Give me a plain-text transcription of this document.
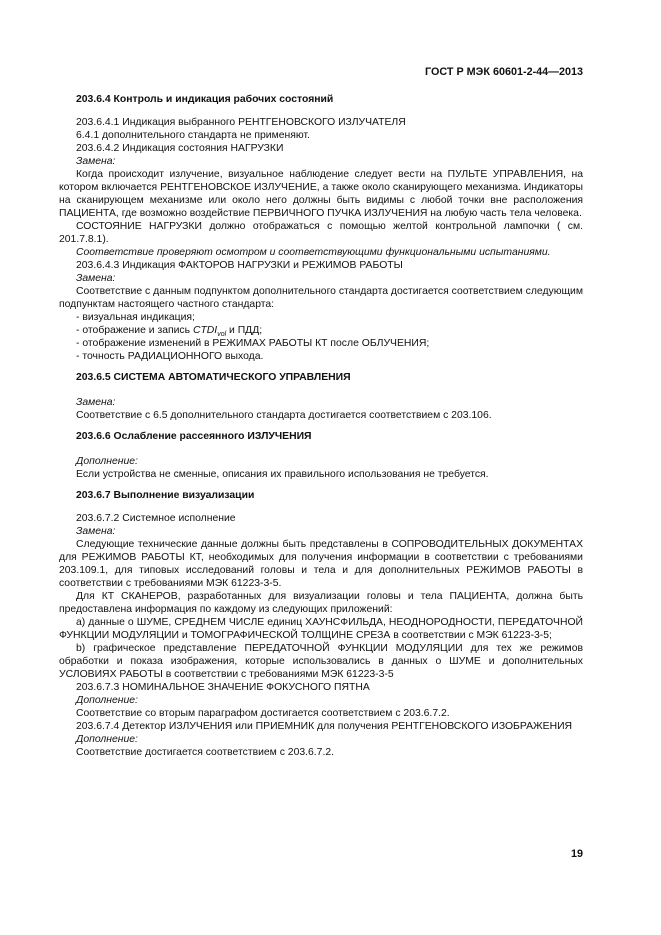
ГОСТ Р МЭК 60601-2-44—2013

203.6.4 Контроль и индикация рабочих состояний

203.6.4.1 Индикация выбранного РЕНТГЕНОВСКОГО ИЗЛУЧАТЕЛЯ

6.4.1 дополнительного стандарта не применяют.

203.6.4.2 Индикация состояния НАГРУЗКИ

Замена:

Когда происходит излучение, визуальное наблюдение следует вести на ПУЛЬТЕ УПРАВЛЕНИЯ, на котором включается РЕНТГЕНОВСКОЕ ИЗЛУЧЕНИЕ, а также около сканирующего механизма. Индикаторы на сканирующем механизме или около него должны быть видимы с любой точки вне расположения ПАЦИЕНТА, где возможно воздействие ПЕРВИЧНОГО ПУЧКА ИЗЛУЧЕНИЯ на любую часть тела человека.

СОСТОЯНИЕ НАГРУЗКИ должно отображаться с помощью желтой контрольной лампочки ( см. 201.7.8.1).

Соответствие проверяют осмотром и соответствующими функциональными испытаниями.

203.6.4.3 Индикация ФАКТОРОВ НАГРУЗКИ и РЕЖИМОВ РАБОТЫ

Замена:

Соответствие с данным подпунктом дополнительного стандарта достигается соответствием следующим подпунктам настоящего частного стандарта:

- визуальная индикация;

- отображение и запись $CTDI_{vol}$ и ПДД;

- отображение изменений в РЕЖИМАХ РАБОТЫ КТ после ОБЛУЧЕНИЯ;

- точность РАДИАЦИОННОГО выхода.

203.6.5 СИСТЕМА АВТОМАТИЧЕСКОГО УПРАВЛЕНИЯ

Замена:

Соответствие с 6.5 дополнительного стандарта достигается соответствием с 203.106.

203.6.6 Ослабление рассеянного ИЗЛУЧЕНИЯ

Дополнение:

Если устройства не сменные, описания их правильного использования не требуется.

203.6.7 Выполнение визуализации

203.6.7.2 Системное исполнение

Замена:

Следующие технические данные должны быть представлены в СОПРОВОДИТЕЛЬНЫХ ДОКУМЕНТАХ для РЕЖИМОВ РАБОТЫ КТ, необходимых для получения информации в соответствии с требованиями 203.109.1, для типовых исследований головы и тела и для дополнительных РЕЖИМОВ РАБОТЫ в соответствии с требованиями МЭК 61223-3-5.

Для КТ СКАНЕРОВ, разработанных для визуализации головы и тела ПАЦИЕНТА, должна быть предоставлена информация по каждому из следующих приложений:

а) данные о ШУМЕ, СРЕДНЕМ ЧИСЛЕ единиц ХАУНСФИЛЬДА, НЕОДНОРОДНОСТИ, ПЕРЕДАТОЧНОЙ ФУНКЦИИ МОДУЛЯЦИИ и ТОМОГРАФИЧЕСКОЙ ТОЛЩИНЕ СРЕЗА в соответствии с МЭК 61223-3-5;

b) графическое представление ПЕРЕДАТОЧНОЙ ФУНКЦИИ МОДУЛЯЦИИ для тех же режимов обработки и показа изображения, которые использовались в данных о ШУМЕ и дополнительных УСЛОВИЯХ РАБОТЫ в соответствии с требованиями МЭК 61223-3-5

203.6.7.3 НОМИНАЛЬНОЕ ЗНАЧЕНИЕ ФОКУСНОГО ПЯТНА

Дополнение:

Соответствие со вторым параграфом достигается соответствием с 203.6.7.2.

203.6.7.4 Детектор ИЗЛУЧЕНИЯ или ПРИЕМНИК для получения РЕНТГЕНОВСКОГО ИЗОБРАЖЕНИЯ

Дополнение:

Соответствие достигается соответствием с 203.6.7.2.

19
